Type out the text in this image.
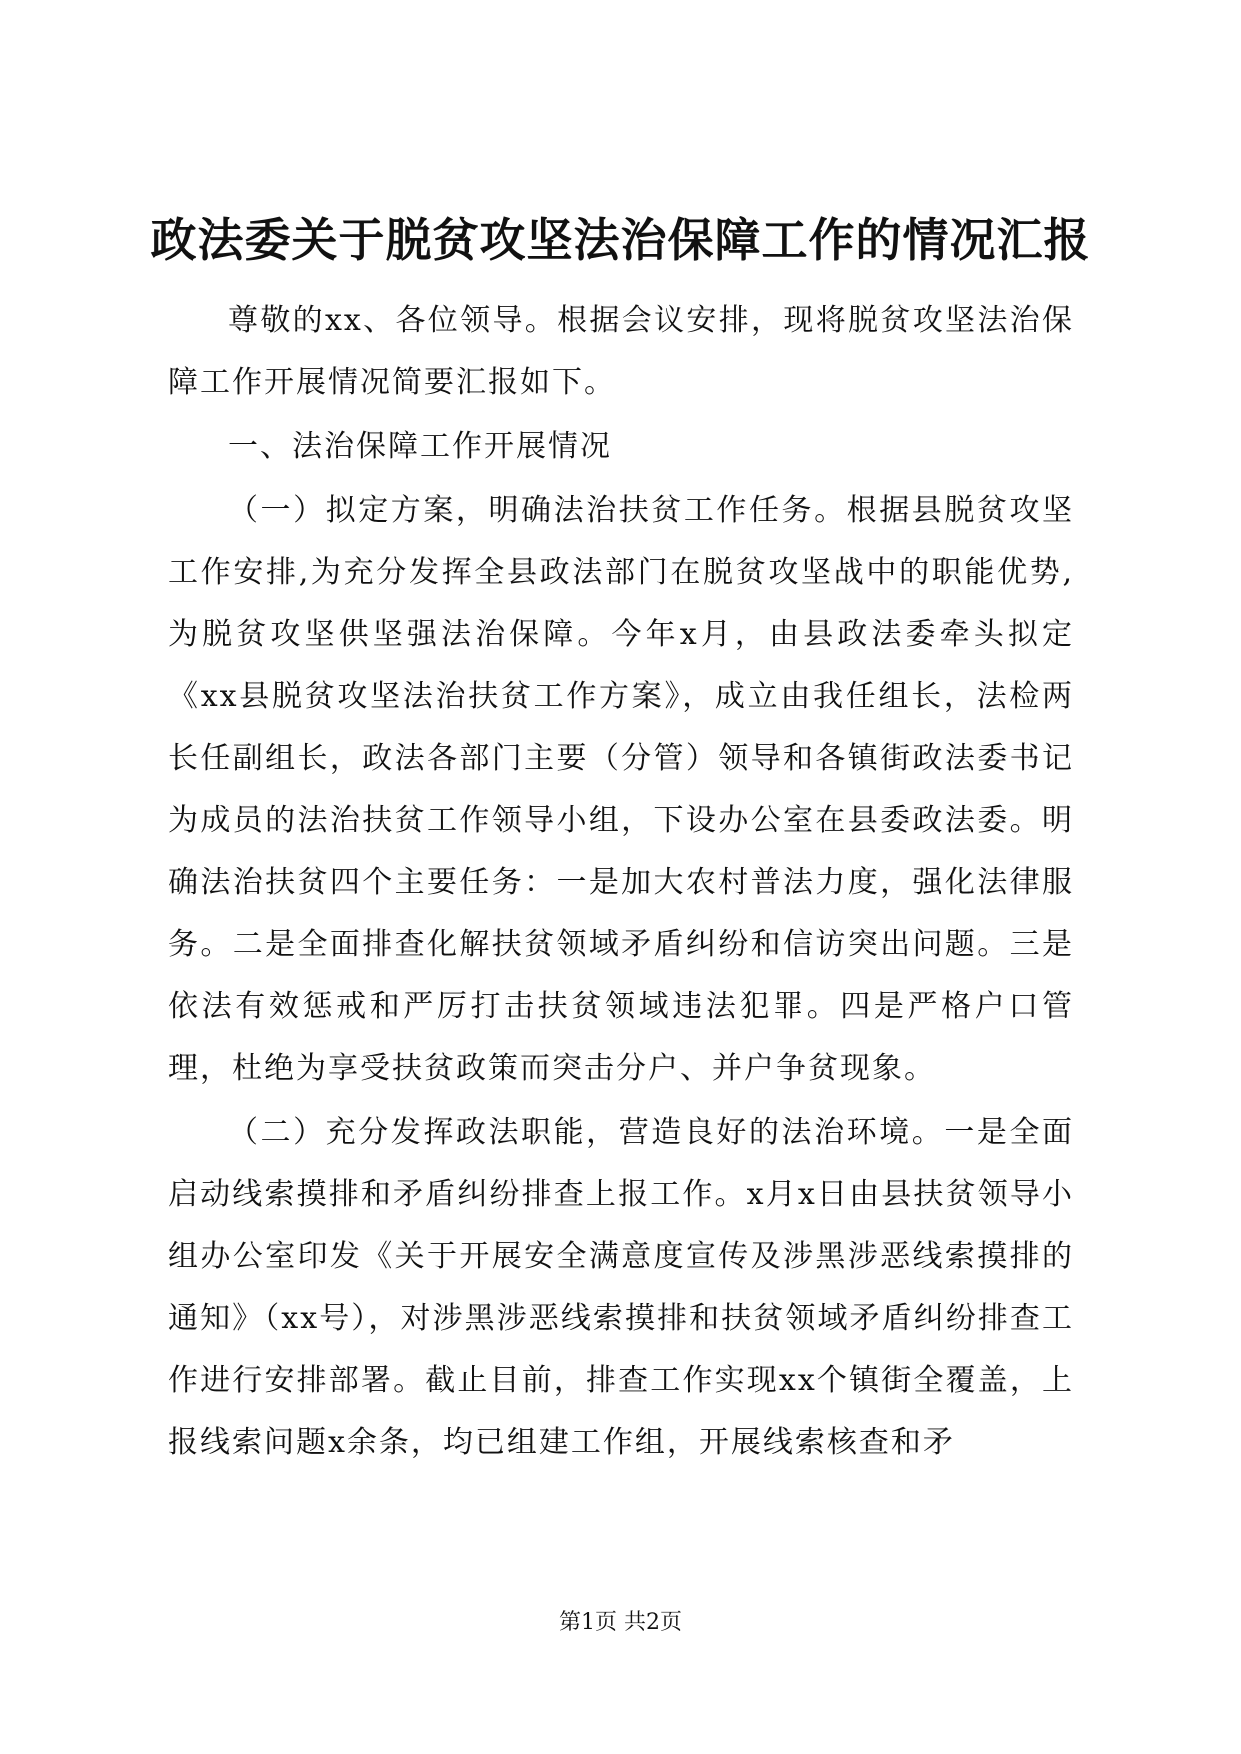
政法委关于脱贫攻坚法治保障工作的情况汇报

尊敬的xx、各位领导。根据会议安排，现将脱贫攻坚法治保障工作开展情况简要汇报如下。

一、法治保障工作开展情况

（一）拟定方案，明确法治扶贫工作任务。根据县脱贫攻坚工作安排,为充分发挥全县政法部门在脱贫攻坚战中的职能优势,为脱贫攻坚供坚强法治保障。今年x月，由县政法委牵头拟定《xx县脱贫攻坚法治扶贫工作方案》，成立由我任组长，法检两长任副组长，政法各部门主要（分管）领导和各镇街政法委书记为成员的法治扶贫工作领导小组，下设办公室在县委政法委。明确法治扶贫四个主要任务：一是加大农村普法力度，强化法律服务。二是全面排查化解扶贫领域矛盾纠纷和信访突出问题。三是依法有效惩戒和严厉打击扶贫领域违法犯罪。四是严格户口管理，杜绝为享受扶贫政策而突击分户、并户争贫现象。

（二）充分发挥政法职能，营造良好的法治环境。一是全面启动线索摸排和矛盾纠纷排查上报工作。x月x日由县扶贫领导小组办公室印发《关于开展安全满意度宣传及涉黑涉恶线索摸排的通知》（xx号），对涉黑涉恶线索摸排和扶贫领域矛盾纠纷排查工作进行安排部署。截止目前，排查工作实现xx个镇街全覆盖，上报线索问题x余条，均已组建工作组，开展线索核查和矛

第1页 共2页
